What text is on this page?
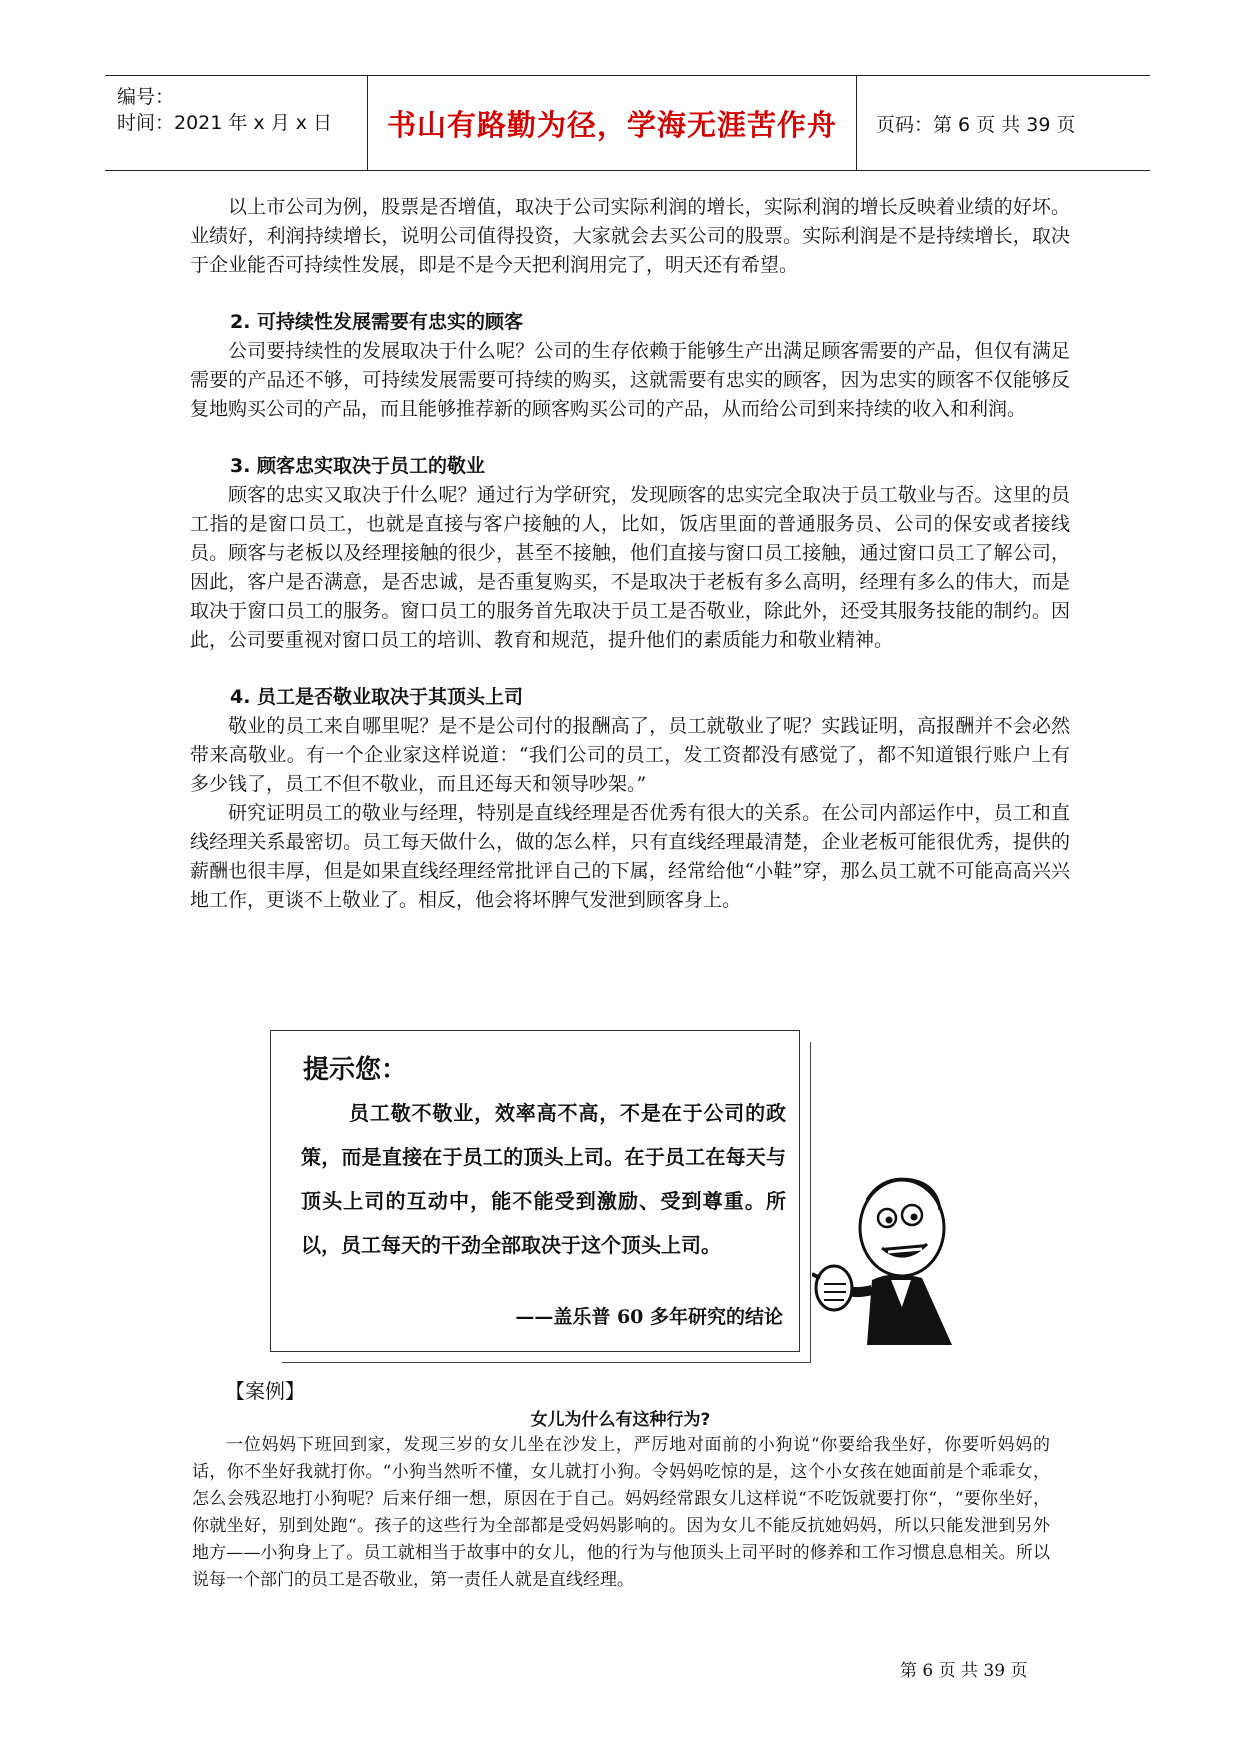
编号：
时间：2021 年 x 月 x 日 书山有路勤为径，学海无涯苦作舟	页码：第 6 页 共 39 页

以上市公司为例，股票是否增值，取决于公司实际利润的增长，实际利润的增长反映着业绩的好坏。业绩好，利润持续增长，说明公司值得投资，大家就会去买公司的股票。实际利润是不是持续增长，取决于企业能否可持续性发展，即是不是今天把利润用完了，明天还有希望。

2. 可持续性发展需要有忠实的顾客

公司要持续性的发展取决于什么呢？公司的生存依赖于能够生产出满足顾客需要的产品，但仅有满足需要的产品还不够，可持续发展需要可持续的购买，这就需要有忠实的顾客，因为忠实的顾客不仅能够反复地购买公司的产品，而且能够推荐新的顾客购买公司的产品，从而给公司到来持续的收入和利润。

3. 顾客忠实取决于员工的敬业

顾客的忠实又取决于什么呢？通过行为学研究，发现顾客的忠实完全取决于员工敬业与否。这里的员工指的是窗口员工，也就是直接与客户接触的人，比如，饭店里面的普通服务员、公司的保安或者接线员。顾客与老板以及经理接触的很少，甚至不接触，他们直接与窗口员工接触，通过窗口员工了解公司，因此，客户是否满意，是否忠诚，是否重复购买，不是取决于老板有多么高明，经理有多么的伟大，而是取决于窗口员工的服务。窗口员工的服务首先取决于员工是否敬业，除此外，还受其服务技能的制约。因此，公司要重视对窗口员工的培训、教育和规范，提升他们的素质能力和敬业精神。

4. 员工是否敬业取决于其顶头上司

敬业的员工来自哪里呢？是不是公司付的报酬高了，员工就敬业了呢？实践证明，高报酬并不会必然带来高敬业。有一个企业家这样说道：“我们公司的员工，发工资都没有感觉了，都不知道银行账户上有多少钱了，员工不但不敬业，而且还每天和领导吵架。”

研究证明员工的敬业与经理，特别是直线经理是否优秀有很大的关系。在公司内部运作中，员工和直线经理关系最密切。员工每天做什么，做的怎么样，只有直线经理最清楚，企业老板可能很优秀，提供的薪酬也很丰厚，但是如果直线经理经常批评自己的下属，经常给他“小鞋”穿，那么员工就不可能高高兴兴地工作，更谈不上敬业了。相反，他会将坏脾气发泄到顾客身上。

提示您：
员工敬不敬业，效率高不高，不是在于公司的政策，而是直接在于员工的顶头上司。在于员工在每天与顶头上司的互动中，能不能受到激励、受到尊重。所以，员工每天的干劲全部取决于这个顶头上司。
——盖乐普 60 多年研究的结论
【案例】
女儿为什么有这种行为?
一位妈妈下班回到家，发现三岁的女儿坐在沙发上，严厉地对面前的小狗说“你要给我坐好，你要听妈妈的话，你不坐好我就打你。“小狗当然听不懂，女儿就打小狗。令妈妈吃惊的是，这个小女孩在她面前是个乖乖女，怎么会残忍地打小狗呢？后来仔细一想，原因在于自己。妈妈经常跟女儿这样说“不吃饭就要打你“，“要你坐好，你就坐好，别到处跑“。孩子的这些行为全部都是受妈妈影响的。因为女儿不能反抗她妈妈，所以只能发泄到另外地方——小狗身上了。员工就相当于故事中的女儿，他的行为与他顶头上司平时的修养和工作习惯息息相关。所以说每一个部门的员工是否敬业，第一责任人就是直线经理。
第 6 页 共 39 页
